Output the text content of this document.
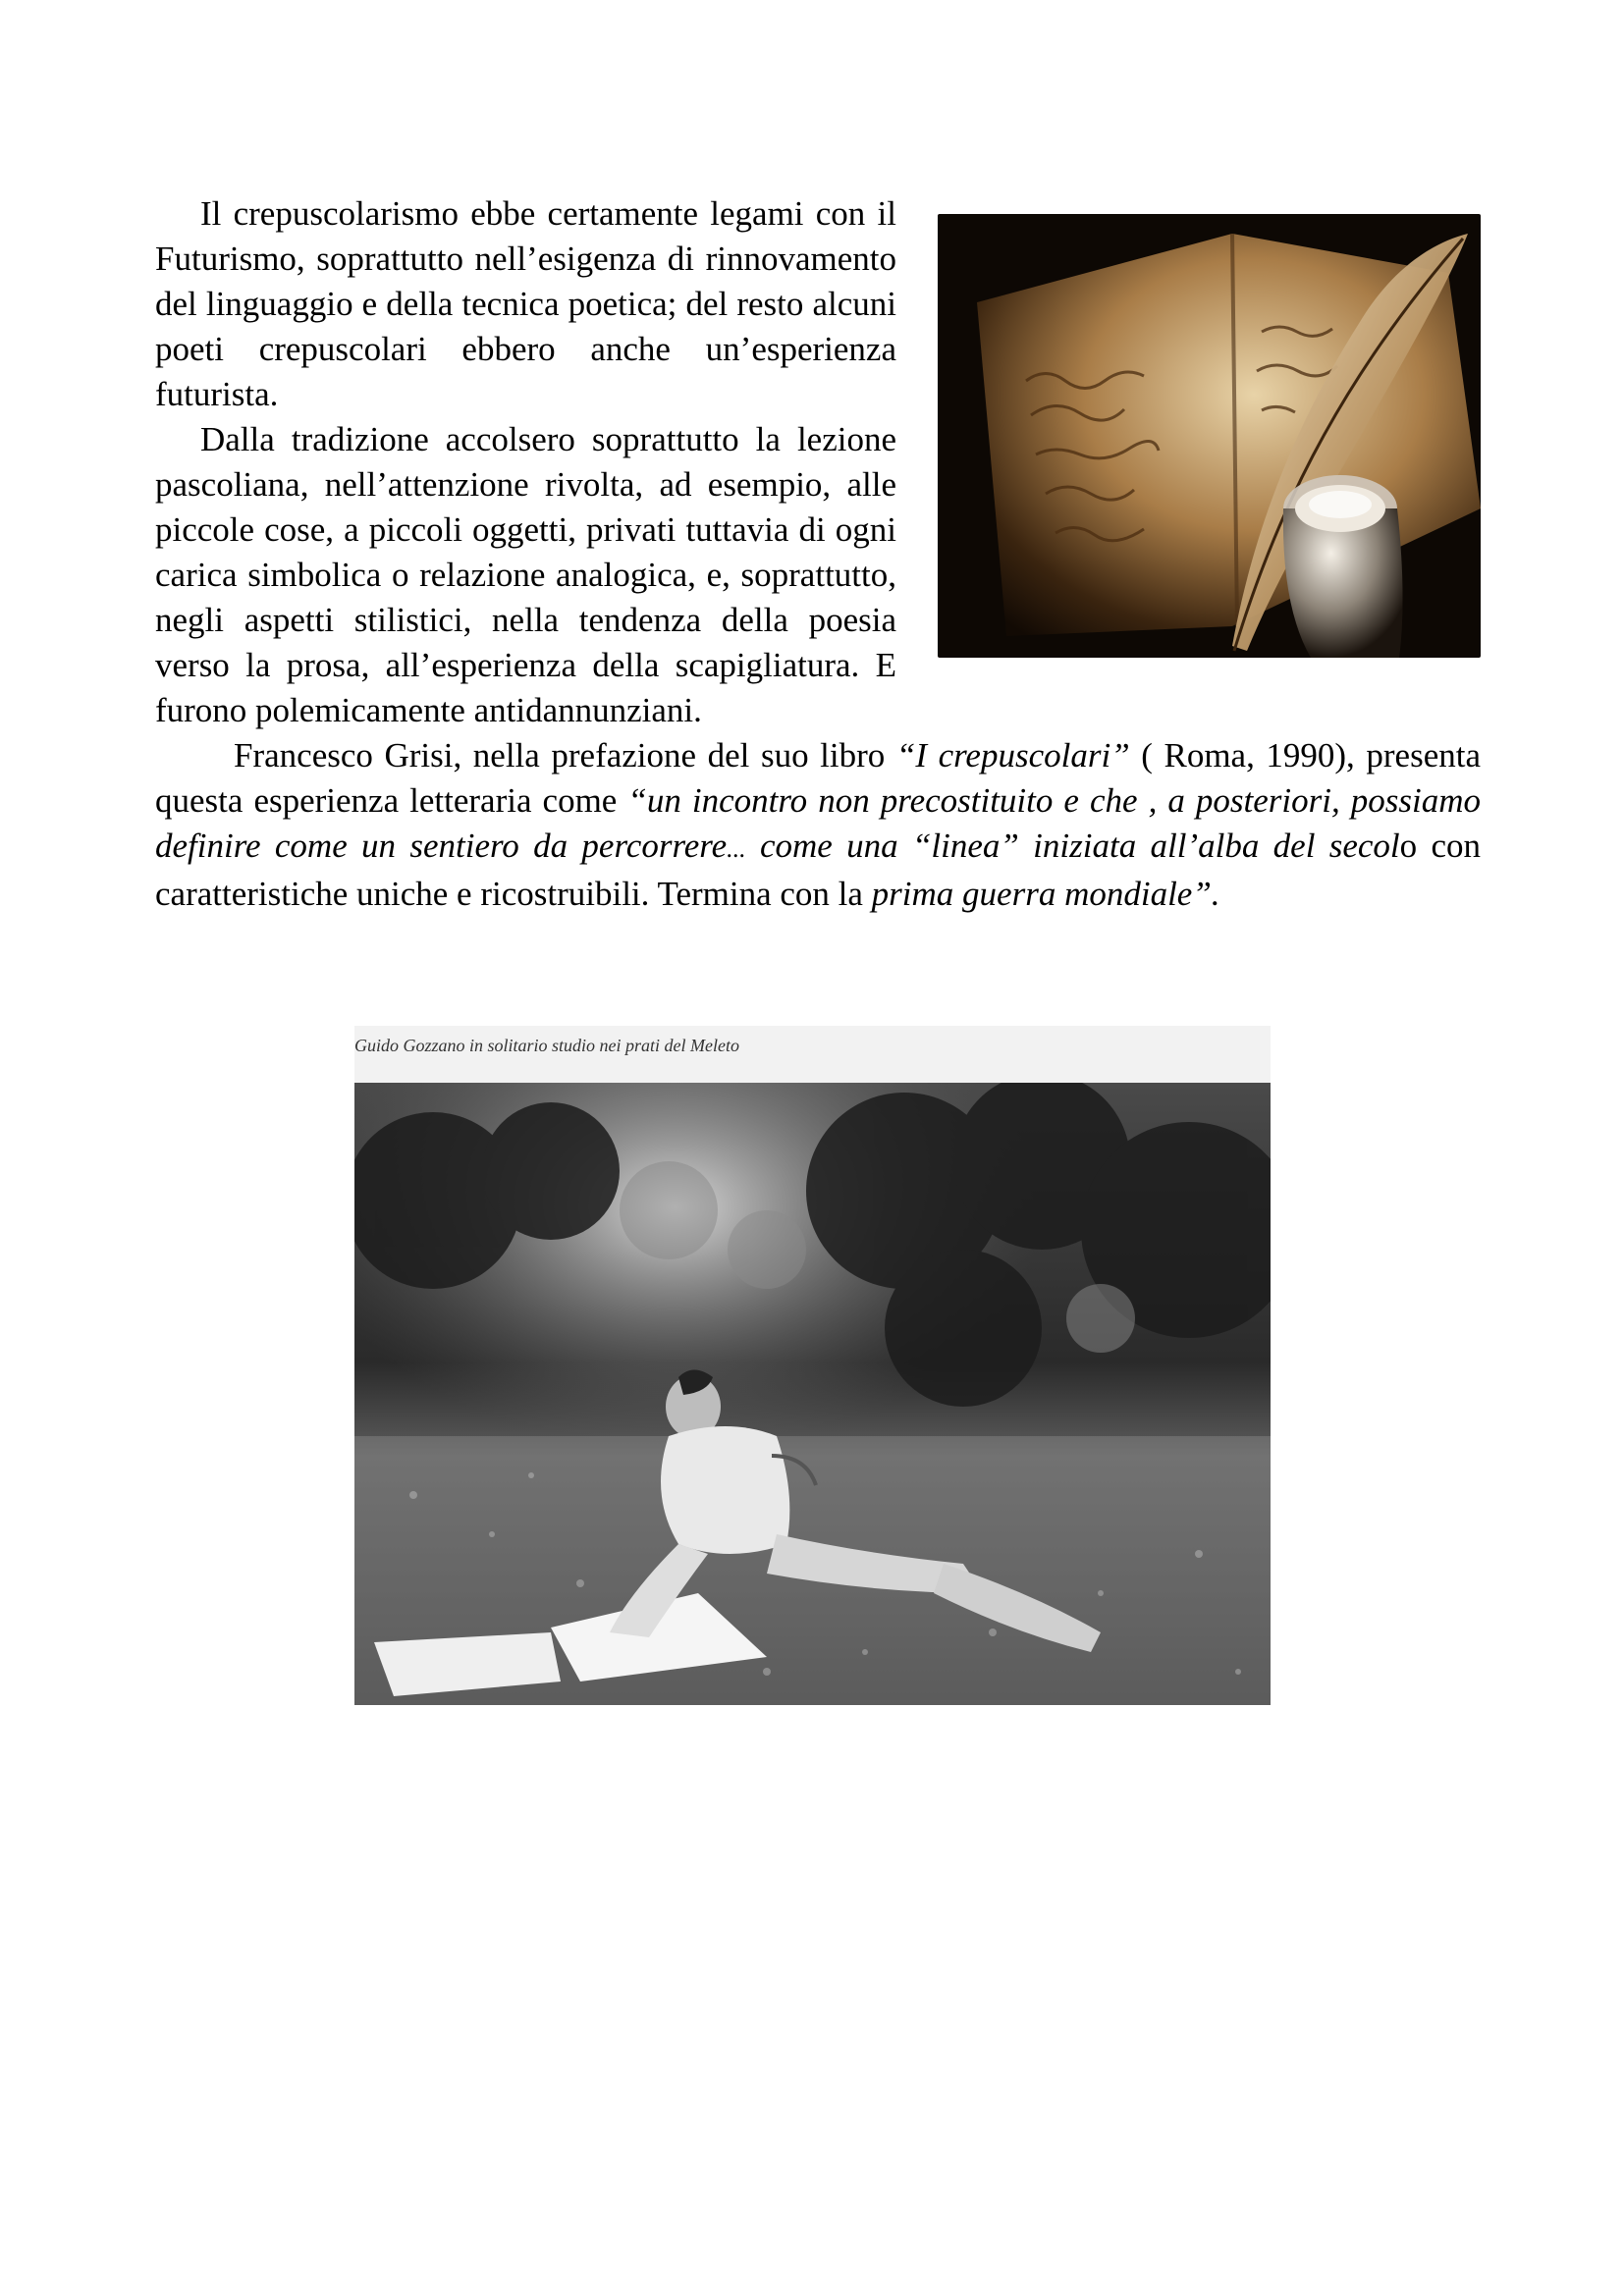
Il crepuscolarismo ebbe certamente legami con il Futurismo, soprattutto nell’esigenza di rinnovamento del linguaggio e della tecnica poetica; del resto alcuni poeti crepuscolari ebbero anche un’esperienza futurista.

Dalla tradizione accolsero soprattutto la lezione pascoliana, nell’attenzione rivolta, ad esempio, alle piccole cose, a piccoli oggetti, privati tuttavia di ogni carica simbolica o relazione analogica, e, soprattutto, negli aspetti stilistici, nella tendenza della poesia verso la prosa, all’esperienza della scapigliatura. E furono polemicamente antidannunziani.

Francesco Grisi, nella prefazione del suo libro “I crepuscolari” ( Roma, 1990), presenta questa esperienza letteraria come “un incontro non precostituito e che , a posteriori, possiamo definire come un sentiero da percorrere... come una “linea” iniziata all’alba del secolo con caratteristiche uniche e ricostruibili. Termina con la prima guerra mondiale”.

Guido Gozzano in solitario studio nei prati del Meleto
